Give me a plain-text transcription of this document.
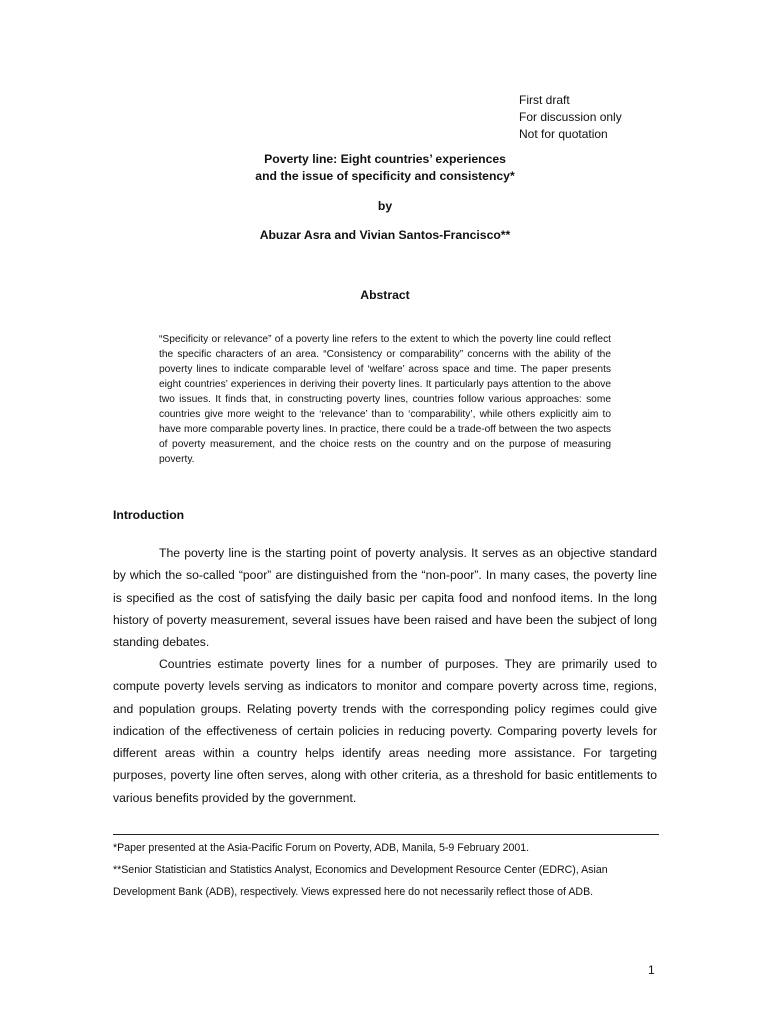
First draft
For discussion only
Not for quotation
Poverty line: Eight countries’ experiences
and the issue of specificity and consistency*
by
Abuzar Asra and Vivian Santos-Francisco**
Abstract
“Specificity or relevance” of a poverty line refers to the extent to which the poverty line could reflect the specific characters of an area. “Consistency or comparability” concerns with the ability of the poverty lines to indicate comparable level of ‘welfare’ across space and time. The paper presents eight countries’ experiences in deriving their poverty lines. It particularly pays attention to the above two issues. It finds that, in constructing poverty lines, countries follow various approaches: some countries give more weight to the ‘relevance’ than to ‘comparability’, while others explicitly aim to have more comparable poverty lines. In practice, there could be a trade-off between the two aspects of poverty measurement, and the choice rests on the country and on the purpose of measuring poverty.
Introduction
The poverty line is the starting point of poverty analysis. It serves as an objective standard by which the so-called “poor” are distinguished from the “non-poor”. In many cases, the poverty line is specified as the cost of satisfying the daily basic per capita food and nonfood items. In the long history of poverty measurement, several issues have been raised and have been the subject of long standing debates.
Countries estimate poverty lines for a number of purposes. They are primarily used to compute poverty levels serving as indicators to monitor and compare poverty across time, regions, and population groups. Relating poverty trends with the corresponding policy regimes could give indication of the effectiveness of certain policies in reducing poverty. Comparing poverty levels for different areas within a country helps identify areas needing more assistance. For targeting purposes, poverty line often serves, along with other criteria, as a threshold for basic entitlements to various benefits provided by the government.
*Paper presented at the Asia-Pacific Forum on Poverty, ADB, Manila, 5-9 February 2001.
**Senior Statistician and Statistics Analyst, Economics and Development Resource Center (EDRC), Asian
Development Bank (ADB), respectively. Views expressed here do not necessarily reflect those of ADB.
1
